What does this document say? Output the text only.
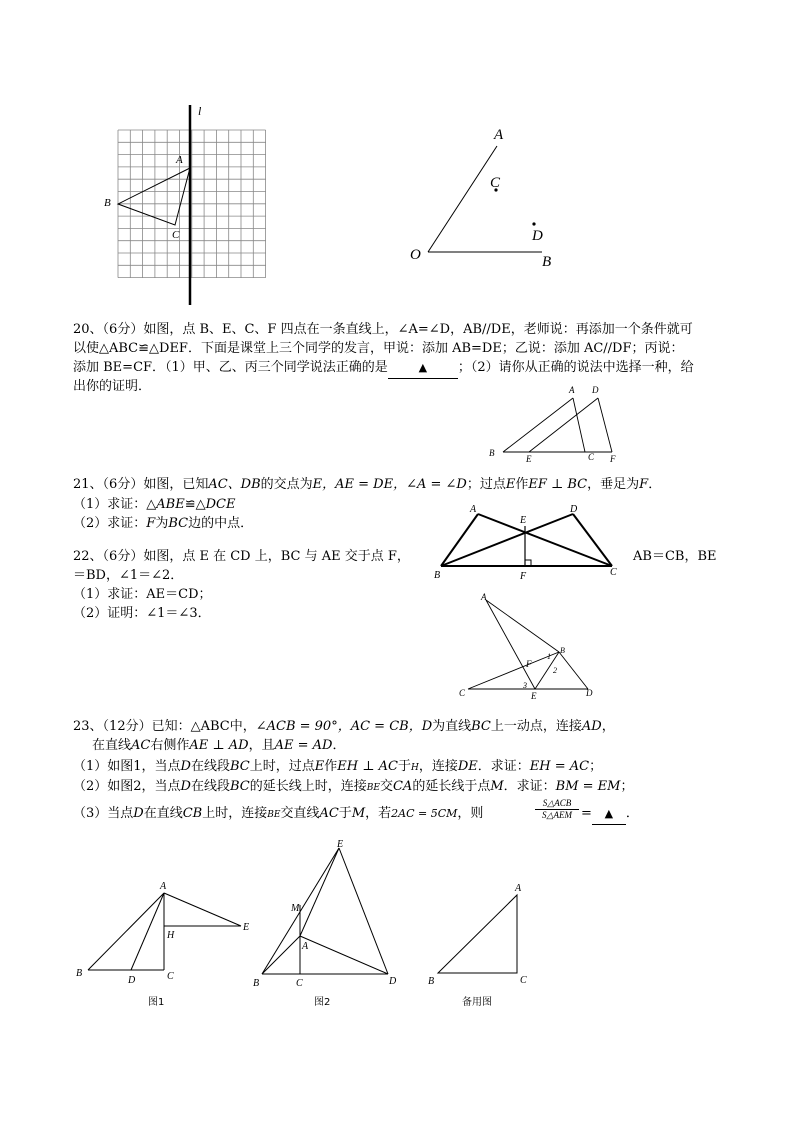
l
A
B
C
A
C
D
O	B
20、（6分）如图，点 B、E、C、F 四点在一条直线上，∠A=∠D，AB//DE，老师说：再添加一个条件就可
以使△ABC≌△DEF．下面是课堂上三个同学的发言，甲说：添加 AB=DE；乙说：添加 AC//DF；丙说：
添加 BE=CF．（1）甲、乙、丙三个同学说法正确的是	▲ ；（2）请你从正确的说法中选择一种，给
出你的证明．	A D
B
E	C F
21、（6分）如图，已知AC、DB的交点为E，AE = DE，∠A = ∠D；过点E作EF ⊥ BC，垂足为F．
（1）求证：△ABE≌△DCE
（2）求证：F为BC边的中点．
A
E
D
B	F	C
22、（6分）如图，点 E 在 CD 上，BC 与 AE 交于点 F，	AB＝CB，BE
＝BD，∠1＝∠2．
（1）求证：AE＝CD；
（2）证明：∠1＝∠3．
A
B
1
2
F
3
C	E	D
23、（12分）已知：△ABC中，∠ACB = 90°，AC = CB，D为直线BC上一动点，连接AD，
在直线AC右侧作AE ⊥ AD，且AE = AD．
（1）如图1，当点D在线段BC上时，过点E作EH ⊥ AC于H，连接DE．求证：EH = AC；
（2）如图2，当点D在线段BC的延长线上时，连接BE交CA的延长线于点M．求证：BM = EM；
（3）当点D在直线CB上时，连接BE交直线AC于M，若2AC = 5CM，则
S△ACB
S△AEM = ▲ ．
A
H
E
B
D	C
图1
E
M
A
B	C	D
图2
A
B	C
备用图
